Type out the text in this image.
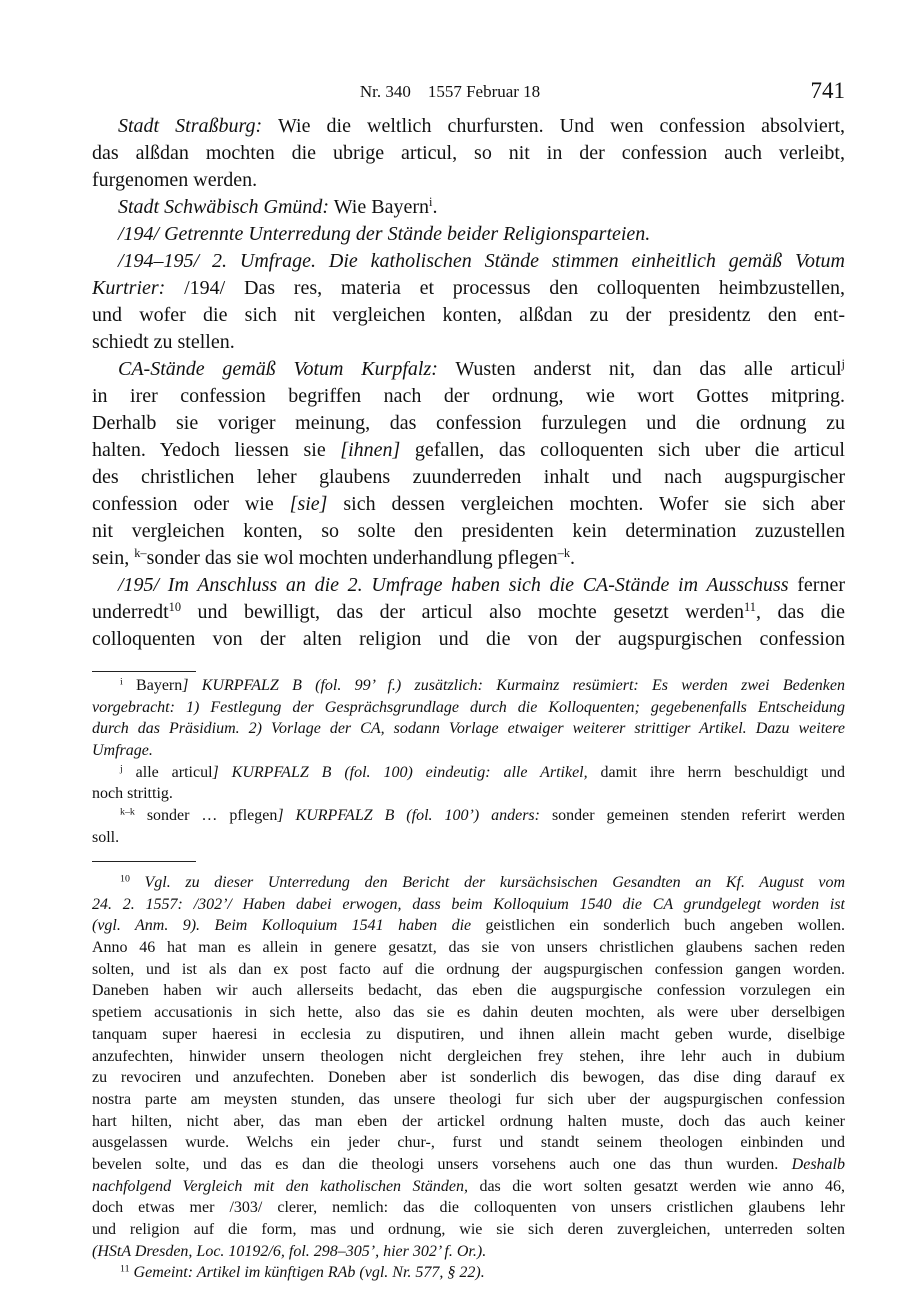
Nr. 340    1557 Februar 18	741
Stadt Straßburg: Wie die weltlich churfursten. Und wen confession absolviert,
das alßdan mochten die ubrige articul, so nit in der confession auch verleibt,
furgenomen werden.
Stadt Schwäbisch Gmünd: Wie Bayern$^i$.
/194/ Getrennte Unterredung der Stände beider Religionsparteien.
/194–195/ 2. Umfrage. Die katholischen Stände stimmen einheitlich gemäß Votum
Kurtrier: /194/ Das res, materia et processus den colloquenten heimbzustellen,
und wofer die sich nit vergleichen konten, alßdan zu der presidentz den ent-
schiedt zu stellen.
CA-Stände gemäß Votum Kurpfalz: Wusten anderst nit, dan das alle articul$^j$
in irer confession begriffen nach der ordnung, wie wort Gottes mitpring.
Derhalb sie voriger meinung, das confession furzulegen und die ordnung zu
halten. Yedoch liessen sie [ihnen] gefallen, das colloquenten sich uber die articul
des christlichen leher glaubens zuunderreden inhalt und nach augspurgischer
confession oder wie [sie] sich dessen vergleichen mochten. Wofer sie sich aber
nit vergleichen konten, so solte den presidenten kein determination zuzustellen
sein, $^{k-}$sonder das sie wol mochten underhandlung pflegen$^{-k}$.
/195/ Im Anschluss an die 2. Umfrage haben sich die CA-Stände im Ausschuss ferner
underredt$^{10}$ und bewilligt, das der articul also mochte gesetzt werden$^{11}$, das die
colloquenten von der alten religion und die von der augspurgischen confession
$^i$ Bayern] KURPFALZ B (fol. 99’ f.) zusätzlich: Kurmainz resümiert: Es werden zwei Bedenken
vorgebracht: 1) Festlegung der Gesprächsgrundlage durch die Kolloquenten; gegebenenfalls Entscheidung
durch das Präsidium. 2) Vorlage der CA, sodann Vorlage etwaiger weiterer strittiger Artikel. Dazu weitere
Umfrage.
$^j$ alle articul] KURPFALZ B (fol. 100) eindeutig: alle Artikel, damit ihre herrn beschuldigt und
noch strittig.
$^{k-k}$ sonder … pflegen] KURPFALZ B (fol. 100’) anders: sonder gemeinen stenden referirt werden
soll.
$^{10}$ Vgl. zu dieser Unterredung den Bericht der kursächsischen Gesandten an Kf. August vom
24. 2. 1557: /302’/ Haben dabei erwogen, dass beim Kolloquium 1540 die CA grundgelegt worden ist
(vgl. Anm. 9). Beim Kolloquium 1541 haben die geistlichen ein sonderlich buch angeben wollen.
Anno 46 hat man es allein in genere gesatzt, das sie von unsers christlichen glaubens sachen reden
solten, und ist als dan ex post facto auf die ordnung der augspurgischen confession gangen worden.
Daneben haben wir auch allerseits bedacht, das eben die augspurgische confession vorzulegen ein
spetiem accusationis in sich hette, also das sie es dahin deuten mochten, als were uber derselbigen
tanquam super haeresi in ecclesia zu disputiren, und ihnen allein macht geben wurde, diselbige
anzufechten, hinwider unsern theologen nicht dergleichen frey stehen, ihre lehr auch in dubium
zu revociren und anzufechten. Doneben aber ist sonderlich dis bewogen, das dise ding darauf ex
nostra parte am meysten stunden, das unsere theologi fur sich uber der augspurgischen confession
hart hilten, nicht aber, das man eben der artickel ordnung halten muste, doch das auch keiner
ausgelassen wurde. Welchs ein jeder chur-, furst und standt seinem theologen einbinden und
bevelen solte, und das es dan die theologi unsers vorsehens auch one das thun wurden. Deshalb
nachfolgend Vergleich mit den katholischen Ständen, das die wort solten gesatzt werden wie anno 46,
doch etwas mer /303/ clerer, nemlich: das die colloquenten von unsers cristlichen glaubens lehr
und religion auf die form, mas und ordnung, wie sie sich deren zuvergleichen, unterreden solten
(HStA Dresden, Loc. 10192/6, fol. 298–305’, hier 302’ f. Or.).
$^{11}$ Gemeint: Artikel im künftigen RAb (vgl. Nr. 577, § 22).
